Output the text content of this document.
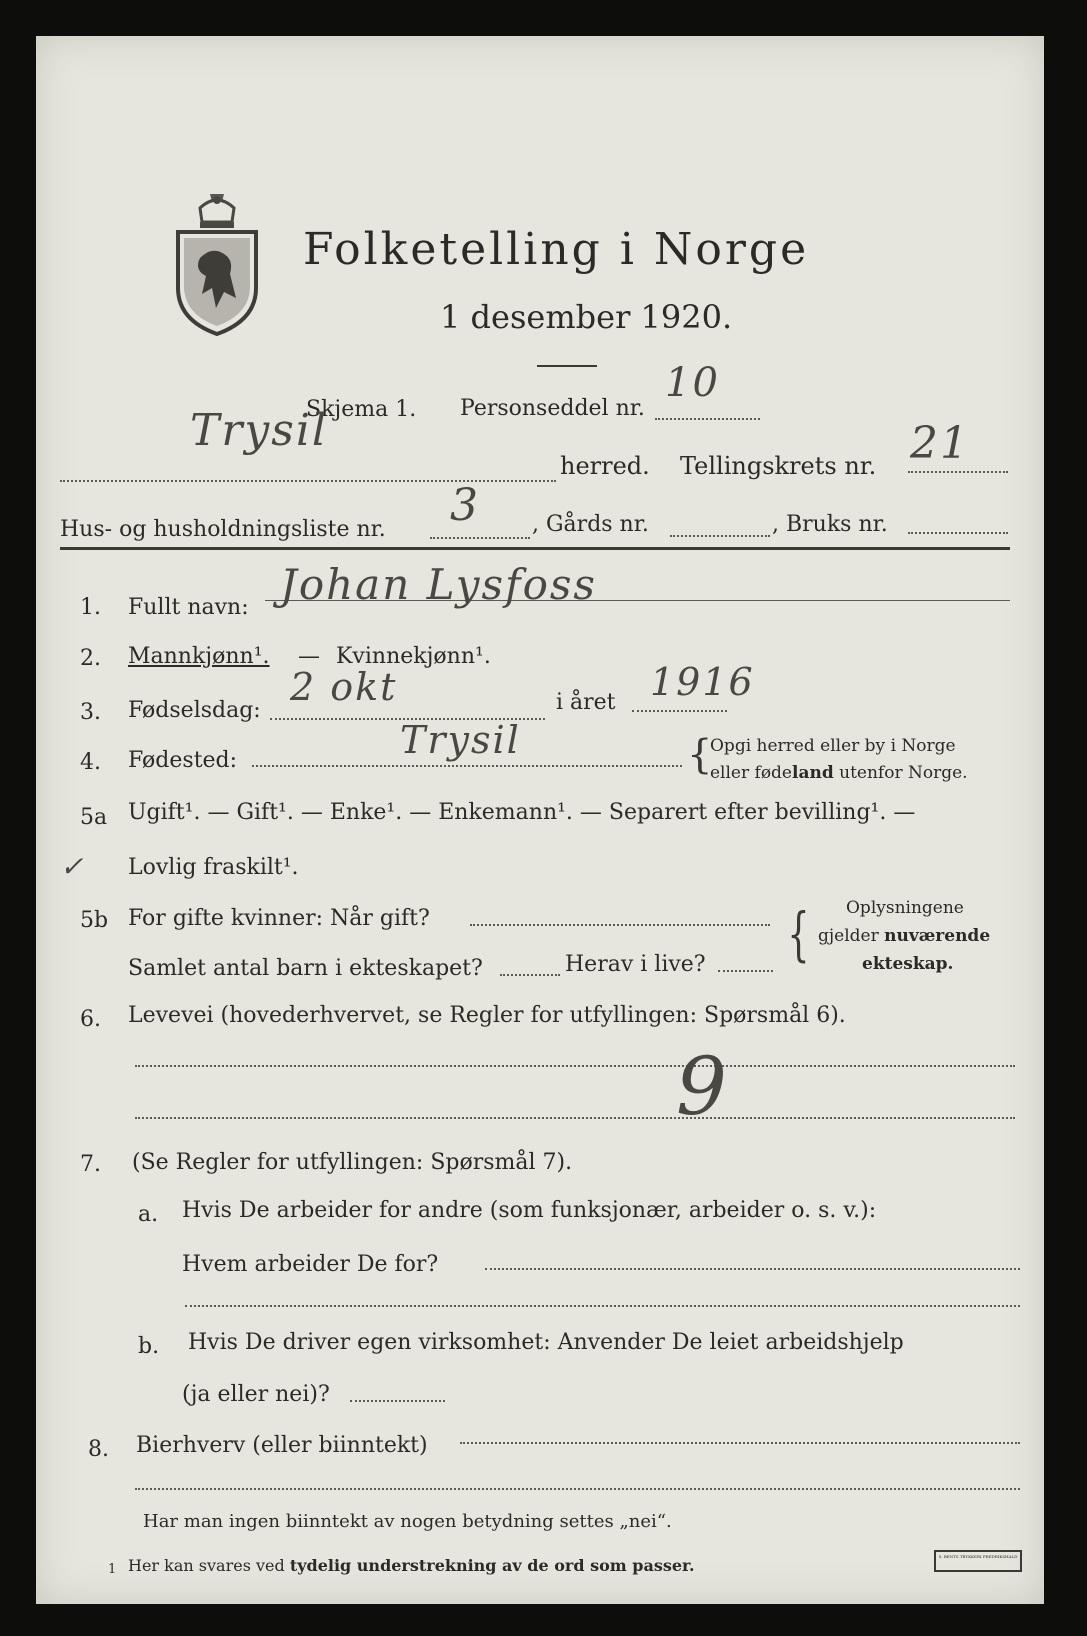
Folketelling i Norge
1 desember 1920.
Skjema 1. Personseddel nr.
10
Trysil
herred. Tellingskrets nr. 21
Hus- og husholdningsliste nr. 3 , Gårds nr.	, Bruks nr.
1. Fullt navn: Johan Lysfoss
2. Mannkjønn¹. — Kvinnekjønn¹.
3. Fødselsdag:
2 okt	i året 1916
4. Fødested:	Trysil	{
Opgi herred eller by i Norge
eller fødeland utenfor Norge.
5a Ugift¹. — Gift¹. — Enke¹. — Enkemann¹. — Separert efter bevilling¹. —
✓ Lovlig fraskilt¹.
5b For gifte kvinner: Når gift?
Samlet antal barn i ekteskapet?	Herav i live? { Oplysningene
gjelder nuværende
ekteskap.
6. Levevei (hovederhvervet, se Regler for utfyllingen: Spørsmål 6).
9
7. (Se Regler for utfyllingen: Spørsmål 7).
a. Hvis De arbeider for andre (som funksjonær, arbeider o. s. v.):
Hvem arbeider De for?
b. Hvis De driver egen virksomhet: Anvender De leiet arbeidshjelp
(ja eller nei)?
8. Bierhverv (eller biinntekt)
Har man ingen biinntekt av nogen betydning settes „nei“.
1 Her kan svares ved tydelig understrekning av de ord som passer.	S. BENTS TRYKKERI FREDRIKSHALD
